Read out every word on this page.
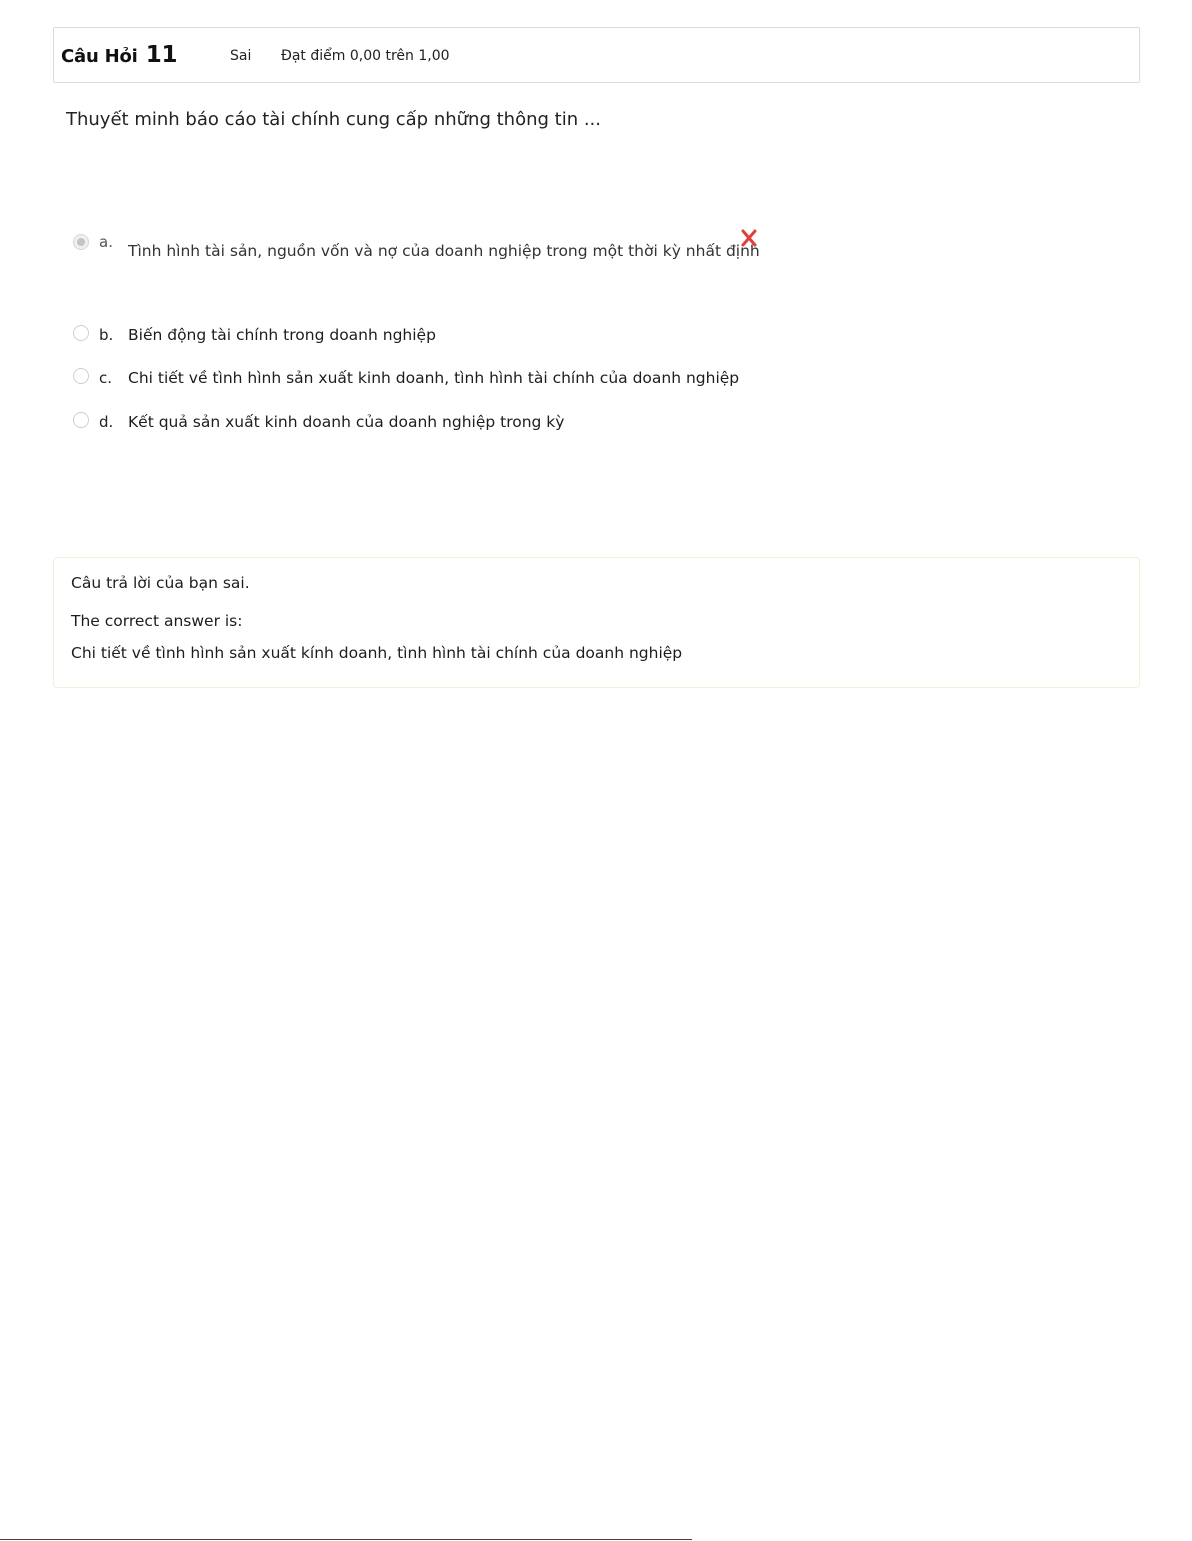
Câu Hỏi 11	Sai Đạt điểm 0,00 trên 1,00
Thuyết minh báo cáo tài chính cung cấp những thông tin ...
a. Tình hình tài sản, nguồn vốn và nợ của doanh nghiệp trong một thời kỳ nhất định
b. Biến động tài chính trong doanh nghiệp
c. Chi tiết về tình hình sản xuất kinh doanh, tình hình tài chính của doanh nghiệp
d. Kết quả sản xuất kinh doanh của doanh nghiệp trong kỳ
Câu trả lời của bạn sai.
The correct answer is:
Chi tiết về tình hình sản xuất kính doanh, tình hình tài chính của doanh nghiệp
